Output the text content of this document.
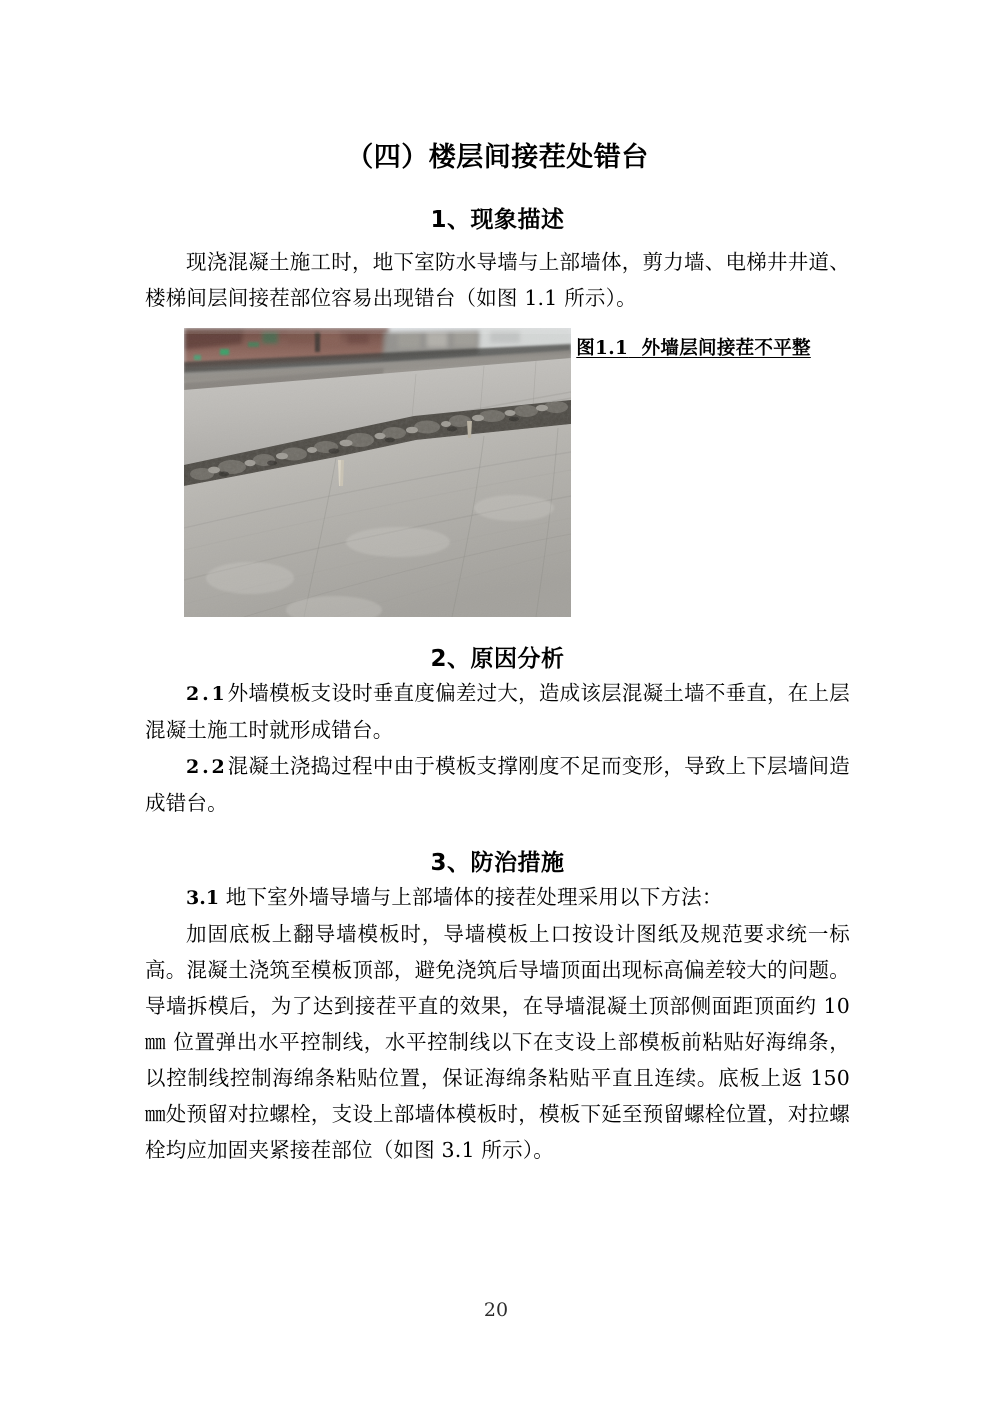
（四）楼层间接茬处错台
1、现象描述

现浇混凝土施工时，地下室防水导墙与上部墙体，剪力墙、电梯井井道、楼梯间层间接茬部位容易出现错台（如图 1.1 所示）。

图1.1 外墙层间接茬不平整
2、原因分析

2.1外墙模板支设时垂直度偏差过大，造成该层混凝土墙不垂直，在上层混凝土施工时就形成错台。

2.2混凝土浇捣过程中由于模板支撑刚度不足而变形，导致上下层墙间造成错台。

3、防治措施

3.1 地下室外墙导墙与上部墙体的接茬处理采用以下方法：

加固底板上翻导墙模板时，导墙模板上口按设计图纸及规范要求统一标高。混凝土浇筑至模板顶部，避免浇筑后导墙顶面出现标高偏差较大的问题。导墙拆模后，为了达到接茬平直的效果，在导墙混凝土顶部侧面距顶面约 10㎜ 位置弹出水平控制线，水平控制线以下在支设上部模板前粘贴好海绵条，以控制线控制海绵条粘贴位置，保证海绵条粘贴平直且连续。底板上返 150 ㎜处预留对拉螺栓，支设上部墙体模板时，模板下延至预留螺栓位置，对拉螺栓均应加固夹紧接茬部位（如图 3.1 所示）。

20
